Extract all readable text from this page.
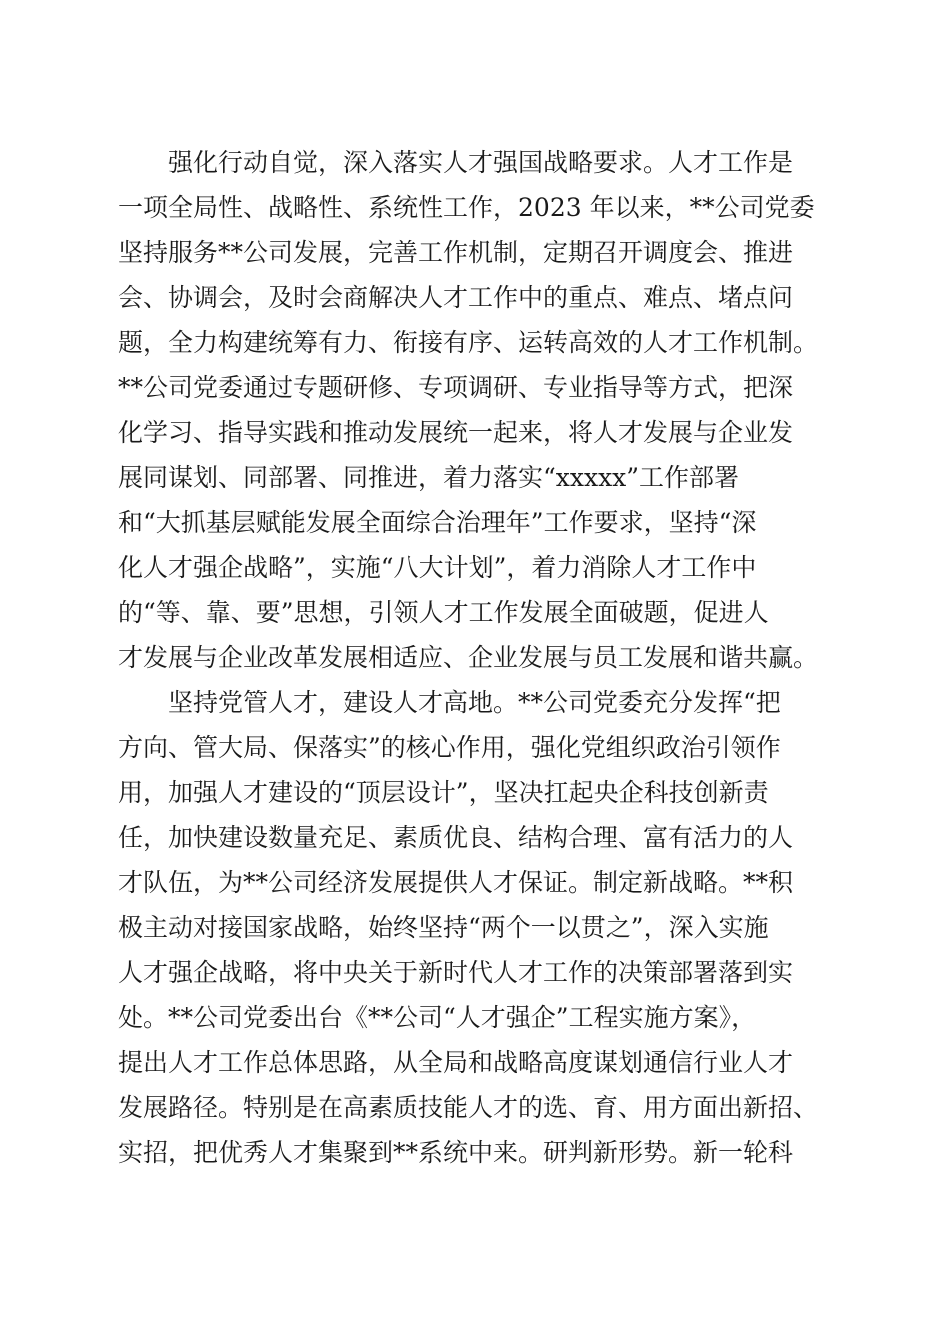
强化行动自觉，深入落实人才强国战略要求。人才工作是
一项全局性、战略性、系统性工作，2023 年以来，**公司党委
坚持服务**公司发展，完善工作机制，定期召开调度会、推进
会、协调会，及时会商解决人才工作中的重点、难点、堵点问
题，全力构建统筹有力、衔接有序、运转高效的人才工作机制。
**公司党委通过专题研修、专项调研、专业指导等方式，把深
化学习、指导实践和推动发展统一起来，将人才发展与企业发
展同谋划、同部署、同推进，着力落实“xxxxx”工作部署
和“大抓基层赋能发展全面综合治理年”工作要求，坚持“深
化人才强企战略”，实施“八大计划”，着力消除人才工作中
的“等、靠、要”思想，引领人才工作发展全面破题，促进人
才发展与企业改革发展相适应、企业发展与员工发展和谐共赢。
坚持党管人才，建设人才高地。**公司党委充分发挥“把
方向、管大局、保落实”的核心作用，强化党组织政治引领作
用，加强人才建设的“顶层设计”，坚决扛起央企科技创新责
任，加快建设数量充足、素质优良、结构合理、富有活力的人
才队伍，为**公司经济发展提供人才保证。制定新战略。**积
极主动对接国家战略，始终坚持“两个一以贯之”，深入实施
人才强企战略，将中央关于新时代人才工作的决策部署落到实
处。**公司党委出台《**公司“人才强企”工程实施方案》，
提出人才工作总体思路，从全局和战略高度谋划通信行业人才
发展路径。特别是在高素质技能人才的选、育、用方面出新招、
实招，把优秀人才集聚到**系统中来。研判新形势。新一轮科
